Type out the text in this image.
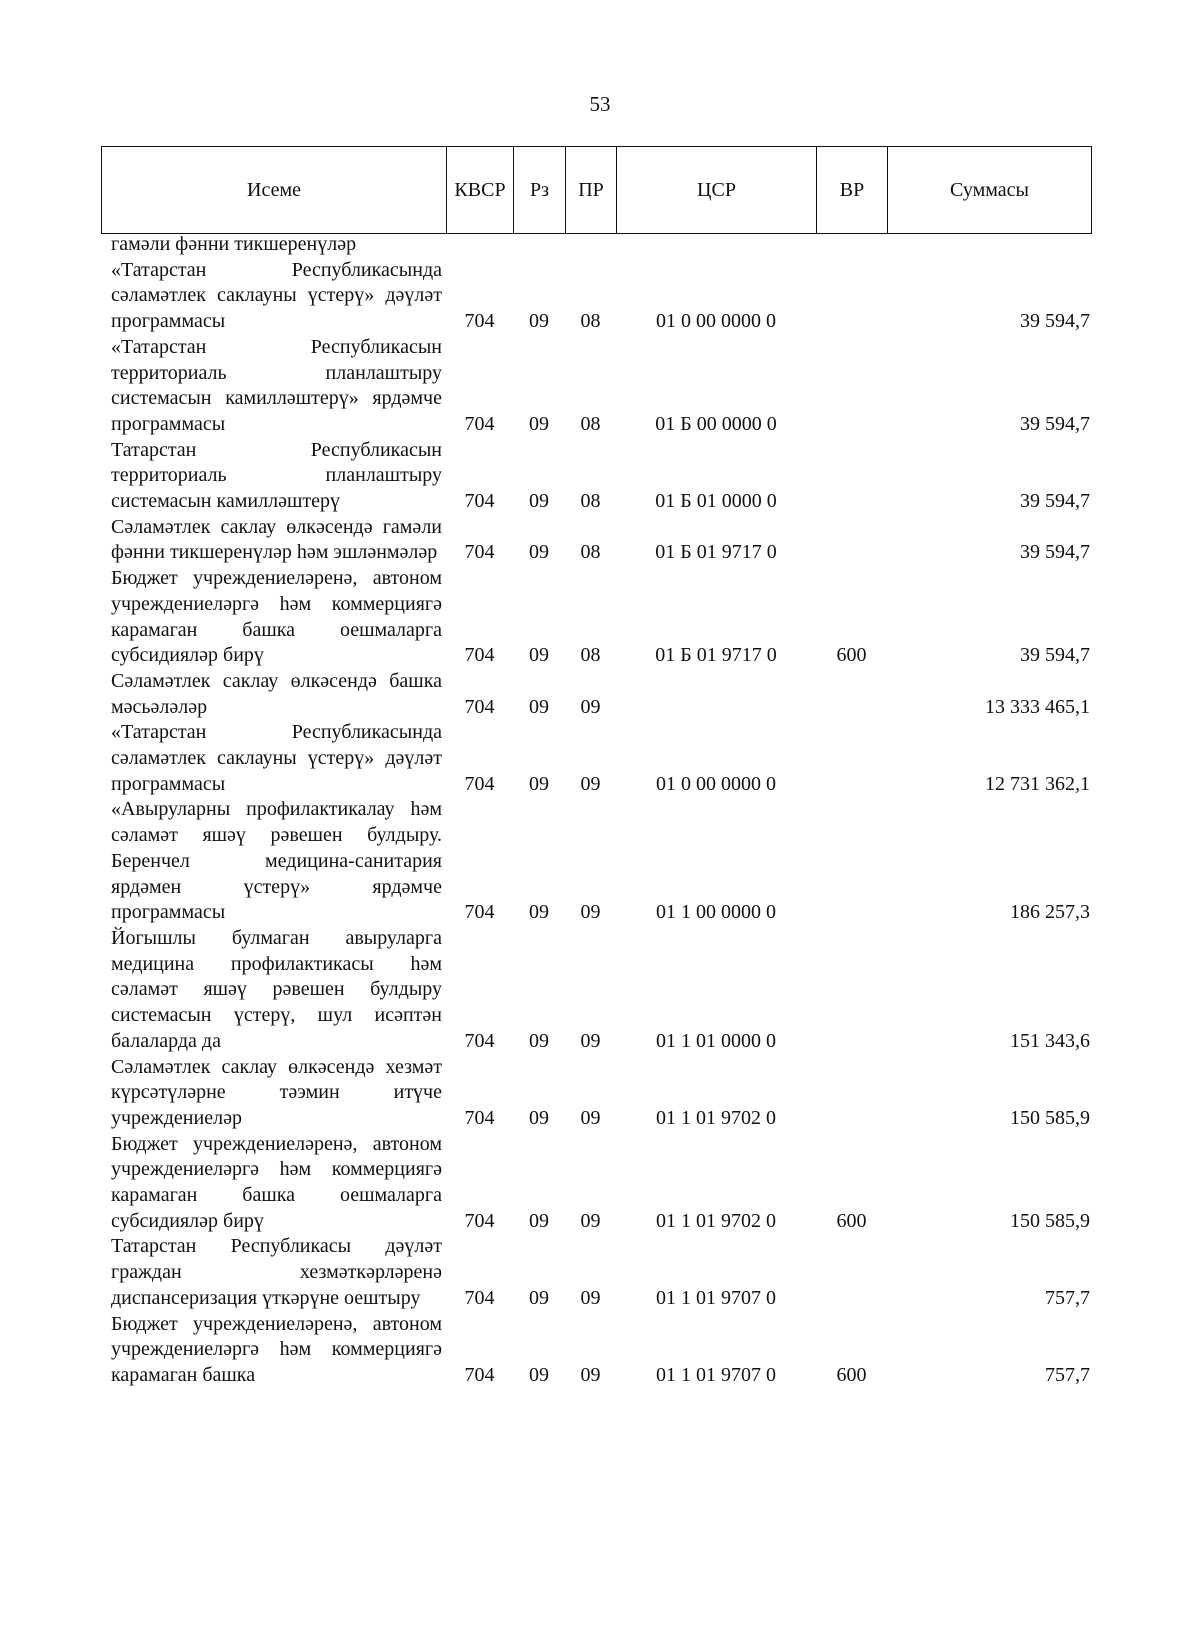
53
Исеме	КВСР	Рз	ПР	ЦСР	ВР	Суммасы
гамәли фәнни тикшеренүләр						
«Татарстан Республикасында сәламәтлек саклауны үстерү» дәүләт программасы	704	09	08	01 0 00 0000 0		39 594,7
«Татарстан Республикасын территориаль планлаштыру системасын камилләштерү» ярдәмче программасы	704	09	08	01 Б 00 0000 0		39 594,7
Татарстан Республикасын территориаль планлаштыру системасын камилләштерү	704	09	08	01 Б 01 0000 0		39 594,7
Сәламәтлек саклау өлкәсендә гамәли фәнни тикшеренүләр һәм эшләнмәләр	704	09	08	01 Б 01 9717 0		39 594,7
Бюджет учреждениеләренә, автоном учреждениеләргә һәм коммерциягә карамаган башка оешмаларга субсидияләр бирү	704	09	08	01 Б 01 9717 0	600	39 594,7
Сәламәтлек саклау өлкәсендә башка мәсьәләләр	704	09	09			13 333 465,1
«Татарстан Республикасында сәламәтлек саклауны үстерү» дәүләт программасы	704	09	09	01 0 00 0000 0		12 731 362,1
«Авыруларны профилактикалау һәм сәламәт яшәү рәвешен булдыру. Беренчел медицина-санитария ярдәмен үстерү» ярдәмче программасы	704	09	09	01 1 00 0000 0		186 257,3
Йогышлы булмаган авыруларга медицина профилактикасы һәм сәламәт яшәү рәвешен булдыру системасын үстерү, шул исәптән балаларда да	704	09	09	01 1 01 0000 0		151 343,6
Сәламәтлек саклау өлкәсендә хезмәт күрсәтүләрне тәэмин итүче учреждениеләр	704	09	09	01 1 01 9702 0		150 585,9
Бюджет учреждениеләренә, автоном учреждениеләргә һәм коммерциягә карамаган башка оешмаларга субсидияләр бирү	704	09	09	01 1 01 9702 0	600	150 585,9
Татарстан Республикасы дәүләт граждан хезмәткәрләренә диспансеризация үткәрүне оештыру	704	09	09	01 1 01 9707 0		757,7
Бюджет учреждениеләренә, автоном учреждениеләргә һәм коммерциягә карамаган башка	704	09	09	01 1 01 9707 0	600	757,7
